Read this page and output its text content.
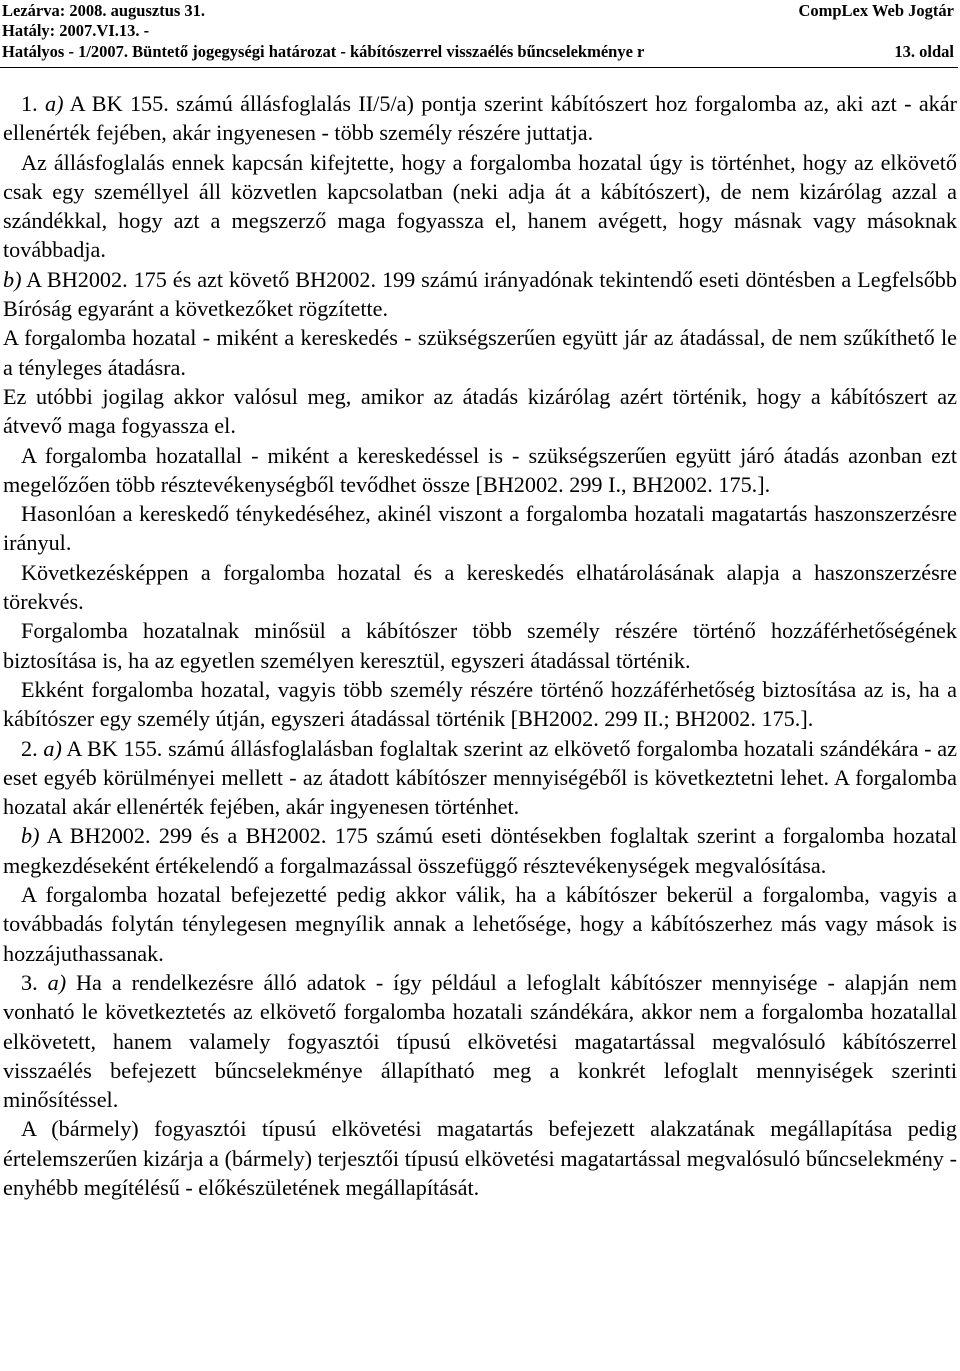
Lezárva: 2008. augusztus 31.	CompLex Web Jogtár
Hatály: 2007.VI.13. -
Hatályos - 1/2007. Büntető jogegységi határozat - kábítószerrel visszaélés bűncselekménye r	13. oldal

1. a) A BK 155. számú állásfoglalás II/5/a) pontja szerint kábítószert hoz forgalomba az, aki azt - akár ellenérték fejében, akár ingyenesen - több személy részére juttatja.

Az állásfoglalás ennek kapcsán kifejtette, hogy a forgalomba hozatal úgy is történhet, hogy az elkövető csak egy személlyel áll közvetlen kapcsolatban (neki adja át a kábítószert), de nem kizárólag azzal a szándékkal, hogy azt a megszerző maga fogyassza el, hanem avégett, hogy másnak vagy másoknak továbbadja.

b) A BH2002. 175 és azt követő BH2002. 199 számú irányadónak tekintendő eseti döntésben a Legfelsőbb Bíróság egyaránt a következőket rögzítette.

A forgalomba hozatal - miként a kereskedés - szükségszerűen együtt jár az átadással, de nem szűkíthető le a tényleges átadásra.

Ez utóbbi jogilag akkor valósul meg, amikor az átadás kizárólag azért történik, hogy a kábítószert az átvevő maga fogyassza el.

A forgalomba hozatallal - miként a kereskedéssel is - szükségszerűen együtt járó átadás azonban ezt megelőzően több résztevékenységből tevődhet össze [BH2002. 299 I., BH2002. 175.].

Hasonlóan a kereskedő ténykedéséhez, akinél viszont a forgalomba hozatali magatartás haszonszerzésre irányul.

Következésképpen a forgalomba hozatal és a kereskedés elhatárolásának alapja a haszonszerzésre törekvés.

Forgalomba hozatalnak minősül a kábítószer több személy részére történő hozzáférhetőségének biztosítása is, ha az egyetlen személyen keresztül, egyszeri átadással történik.

Ekként forgalomba hozatal, vagyis több személy részére történő hozzáférhetőség biztosítása az is, ha a kábítószer egy személy útján, egyszeri átadással történik [BH2002. 299 II.; BH2002. 175.].

2. a) A BK 155. számú állásfoglalásban foglaltak szerint az elkövető forgalomba hozatali szándékára - az eset egyéb körülményei mellett - az átadott kábítószer mennyiségéből is következtetni lehet. A forgalomba hozatal akár ellenérték fejében, akár ingyenesen történhet.

b) A BH2002. 299 és a BH2002. 175 számú eseti döntésekben foglaltak szerint a forgalomba hozatal megkezdéseként értékelendő a forgalmazással összefüggő résztevékenységek megvalósítása.

A forgalomba hozatal befejezetté pedig akkor válik, ha a kábítószer bekerül a forgalomba, vagyis a továbbadás folytán ténylegesen megnyílik annak a lehetősége, hogy a kábítószerhez más vagy mások is hozzájuthassanak.

3. a) Ha a rendelkezésre álló adatok - így például a lefoglalt kábítószer mennyisége - alapján nem vonható le következtetés az elkövető forgalomba hozatali szándékára, akkor nem a forgalomba hozatallal elkövetett, hanem valamely fogyasztói típusú elkövetési magatartással megvalósuló kábítószerrel visszaélés befejezett bűncselekménye állapítható meg a konkrét lefoglalt mennyiségek szerinti minősítéssel.

A (bármely) fogyasztói típusú elkövetési magatartás befejezett alakzatának megállapítása pedig értelemszerűen kizárja a (bármely) terjesztői típusú elkövetési magatartással megvalósuló bűncselekmény - enyhébb megítélésű - előkészületének megállapítását.
